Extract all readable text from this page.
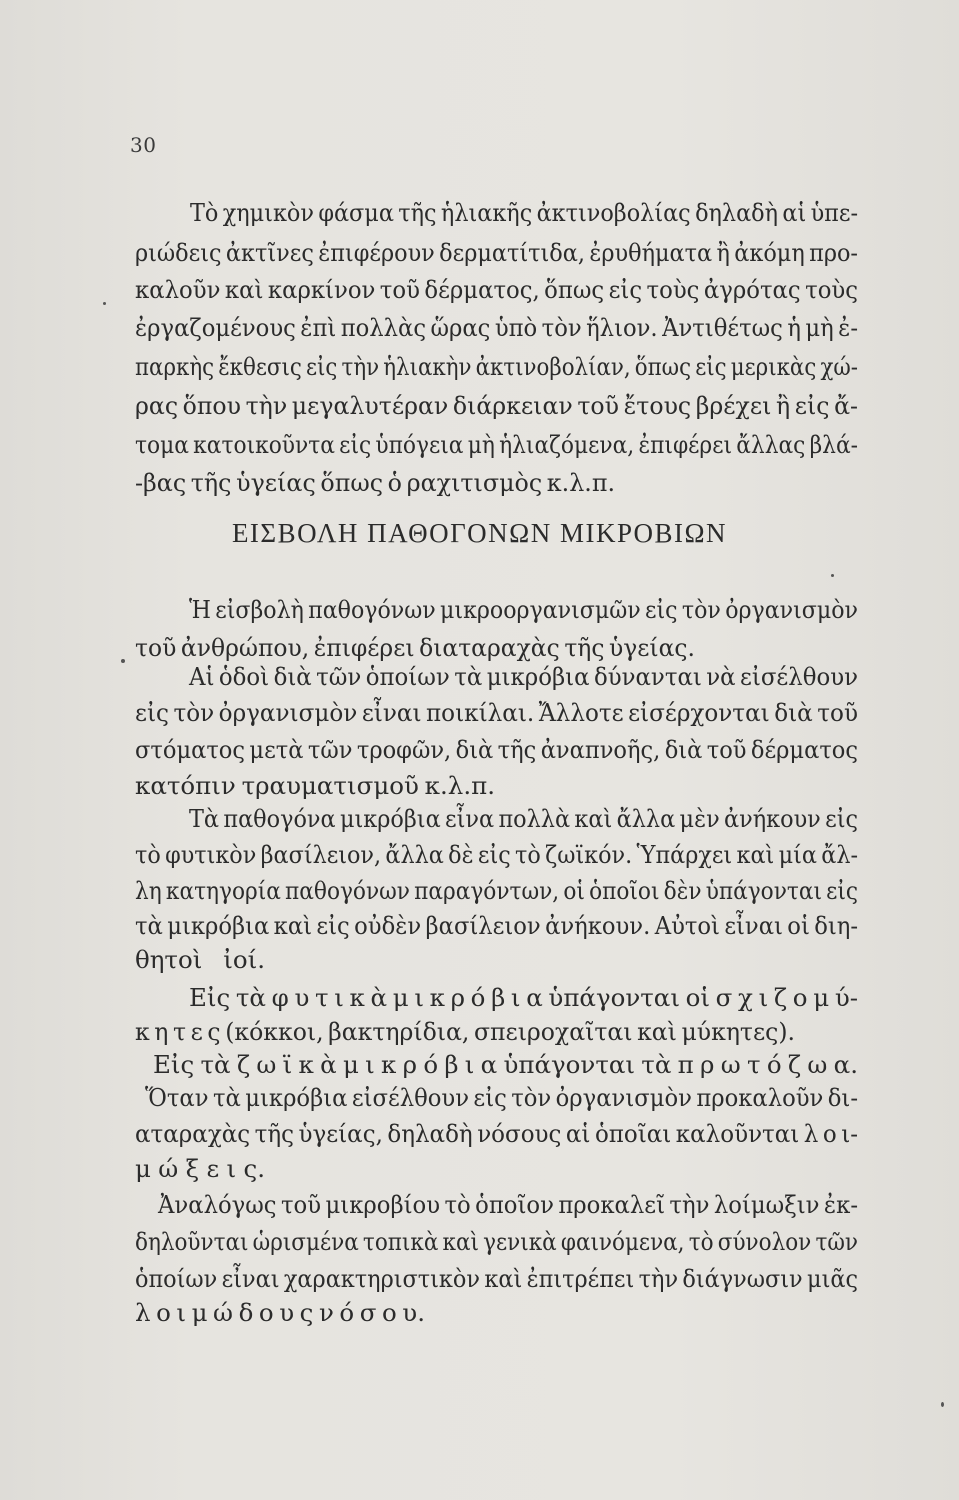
30
Τὸ χημικὸν φάσμα τῆς ἡλιακῆς ἀκτινοβολίας δηλαδὴ αἱ ὑπε-
ριώδεις ἀκτῖνες ἐπιφέρουν δερματίτιδα, ἐρυθήματα ἢ ἀκόμη προ-
καλοῦν καὶ καρκίνον τοῦ δέρματος, ὅπως εἰς τοὺς ἀγρότας τοὺς
ἐργαζομένους ἐπὶ πολλὰς ὥρας ὑπὸ τὸν ἥλιον. Ἀντιθέτως ἡ μὴ ἐ-
παρκὴς ἔκθεσις εἰς τὴν ἡλιακὴν ἀκτινοβολίαν, ὅπως εἰς μερικὰς χώ-
ρας ὅπου τὴν μεγαλυτέραν διάρκειαν τοῦ ἔτους βρέχει ἢ εἰς ἄ-
τομα κατοικοῦντα εἰς ὑπόγεια μὴ ἡλιαζόμενα, ἐπιφέρει ἄλλας βλά-
-βας τῆς ὑγείας ὅπως ὁ ραχιτισμὸς κ.λ.π.
ΕΙΣΒΟΛΗ ΠΑΘΟΓΟΝΩΝ ΜΙΚΡΟΒΙΩΝ
Ἡ εἰσβολὴ παθογόνων μικροοργανισμῶν εἰς τὸν ὀργανισμὸν
τοῦ ἀνθρώπου, ἐπιφέρει διαταραχὰς τῆς ὑγείας.
Αἱ ὁδοὶ διὰ τῶν ὁποίων τὰ μικρόβια δύνανται νὰ εἰσέλθουν
εἰς τὸν ὀργανισμὸν εἶναι ποικίλαι. Ἄλλοτε εἰσέρχονται διὰ τοῦ
στόματος μετὰ τῶν τροφῶν, διὰ τῆς ἀναπνοῆς, διὰ τοῦ δέρματος
κατόπιν τραυματισμοῦ κ.λ.π.
Τὰ παθογόνα μικρόβια εἶνα πολλὰ καὶ ἄλλα μὲν ἀνήκουν εἰς
τὸ φυτικὸν βασίλειον, ἄλλα δὲ εἰς τὸ ζωϊκόν. Ὑπάρχει καὶ μία ἄλ-
λη κατηγορία παθογόνων παραγόντων, οἱ ὁποῖοι δὲν ὑπάγονται εἰς
τὰ μικρόβια καὶ εἰς οὐδὲν βασίλειον ἀνήκουν. Αὐτοὶ εἶναι οἱ διη-
θητοὶ ἰοί.
Εἰς τὰ φ υ τ ι κ ὰ μ ι κ ρ ό β ι α ὑπάγονται οἱ σ χ ι ζ ο μ ύ-
κ η τ ε ς (κόκκοι, βακτηρίδια, σπειροχαῖται καὶ μύκητες).
Εἰς τὰ ζ ω ϊ κ ὰ μ ι κ ρ ό β ι α ὑπάγονται τὰ π ρ ω τ ό ζ ω α.
Ὅταν τὰ μικρόβια εἰσέλθουν εἰς τὸν ὀργανισμὸν προκαλοῦν δι-
αταραχὰς τῆς ὑγείας, δηλαδὴ νόσους αἱ ὁποῖαι καλοῦνται λ ο ι-
μ ώ ξ ε ι ς.
Ἀναλόγως τοῦ μικροβίου τὸ ὁποῖον προκαλεῖ τὴν λοίμωξιν ἐκ-
δηλοῦνται ὡρισμένα τοπικὰ καὶ γενικὰ φαινόμενα, τὸ σύνολον τῶν
ὁποίων εἶναι χαρακτηριστικὸν καὶ ἐπιτρέπει τὴν διάγνωσιν μιᾶς
λ ο ι μ ώ δ ο υ ς ν ό σ ο υ.
